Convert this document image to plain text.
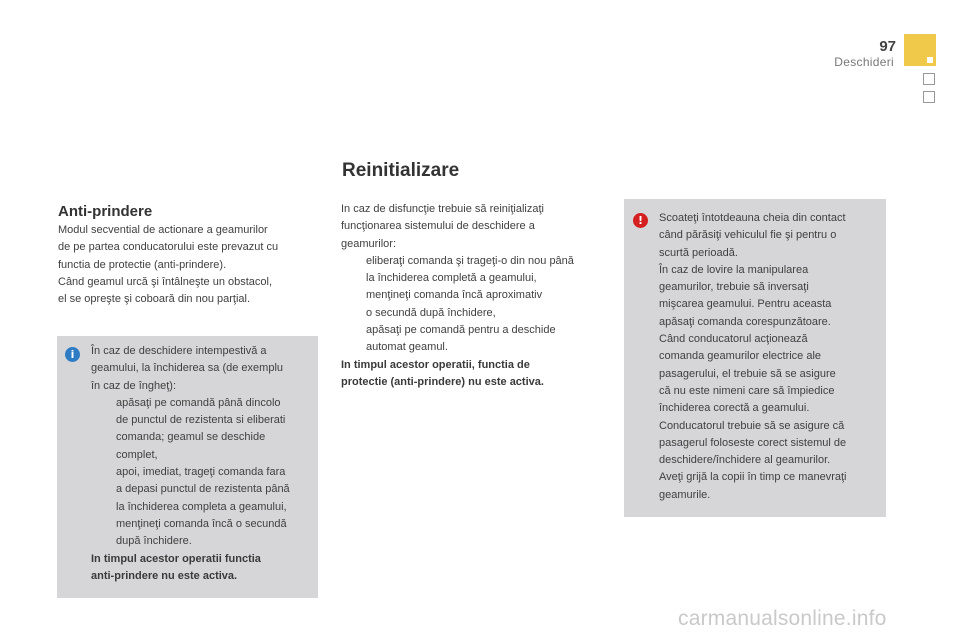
97
Deschideri
Reinitializare
Anti-prindere

Modul secvential de actionare a geamurilor

de pe partea conducatorului este prevazut cu

functia de protectie (anti-prindere).

Când geamul urcă şi întâlneşte un obstacol,

el se opreşte şi coboară din nou parţial.

i	În caz de deschidere intempestivă a

geamului, la închiderea sa (de exemplu

în caz de îngheţ):

apăsaţi pe comandă până dincolo
de punctul de rezistenta si eliberati
comanda; geamul se deschide
complet,
apoi, imediat, trageţi comanda fara
a depasi punctul de rezistenta până
la închiderea completa a geamului,
menţineţi comanda încă o secundă
după închidere.

In timpul acestor operatii functia

anti-prindere nu este activa.

In caz de disfuncţie trebuie să reiniţializaţi

funcţionarea sistemului de deschidere a

geamurilor:

eliberaţi comanda şi trageţi-o din nou până
la închiderea completă a geamului,
menţineţi comanda încă aproximativ
o secundă după închidere,
apăsaţi pe comandă pentru a deschide
automat geamul.

In timpul acestor operatii, functia de

protectie (anti-prindere) nu este activa.

!	Scoateţi întotdeauna cheia din contact

când părăsiţi vehiculul fie şi pentru o

scurtă perioadă.

În caz de lovire la manipularea

geamurilor, trebuie să inversaţi

mişcarea geamului. Pentru aceasta

apăsaţi comanda corespunzătoare.

Când conducatorul acţionează

comanda geamurilor electrice ale

pasagerului, el trebuie să se asigure

că nu este nimeni care să împiedice

închiderea corectă a geamului.

Conducatorul trebuie să se asigure că

pasagerul foloseste corect sistemul de

deschidere/închidere al geamurilor.

Aveţi grijă la copii în timp ce manevraţi

geamurile.

carmanualsonline.info
